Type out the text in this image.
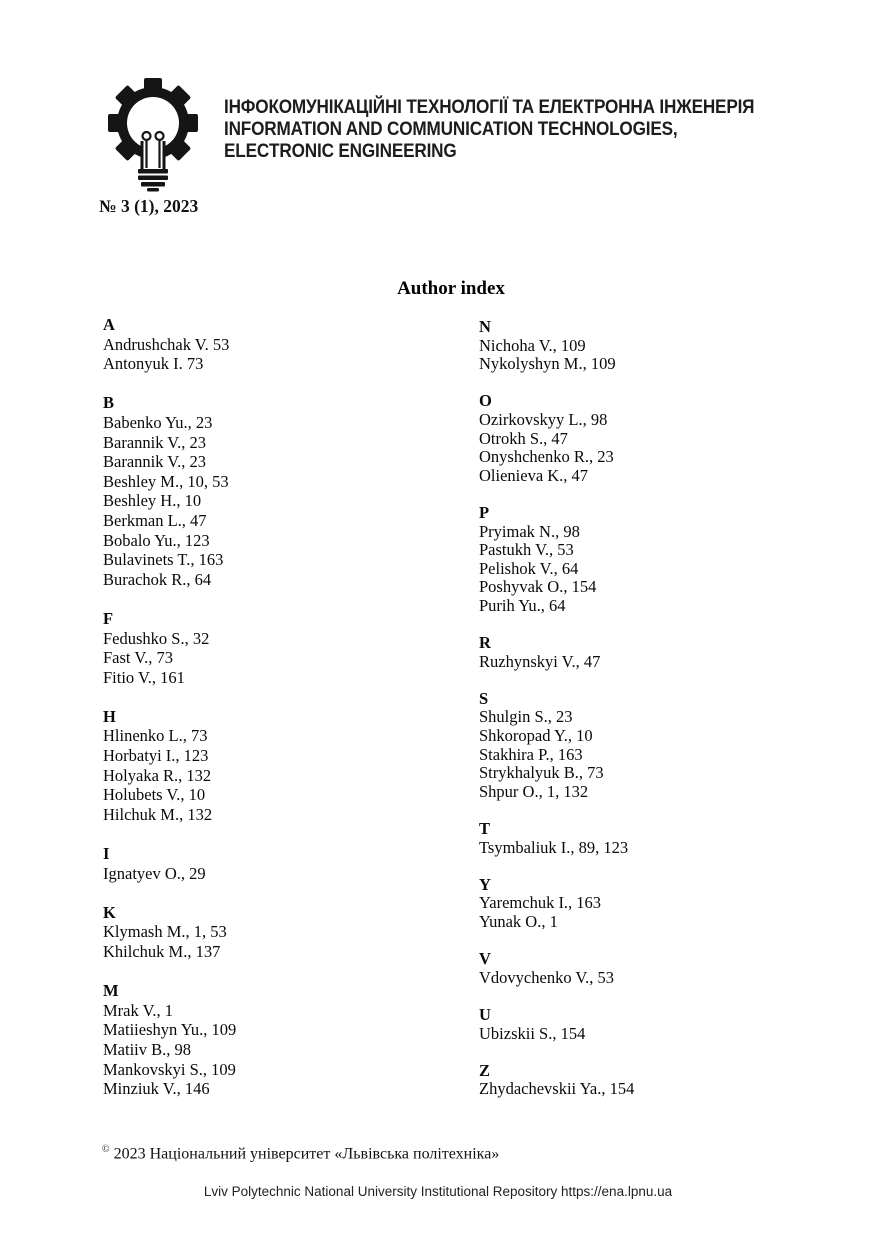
ІНФОКОМУНІКАЦІЙНІ ТЕХНОЛОГІЇ ТА ЕЛЕКТРОННА ІНЖЕНЕРІЯ
INFORMATION AND COMMUNICATION TECHNOLOGIES,
ELECTRONIC ENGINEERING
№ 3 (1), 2023
Author index
A
Andrushchak V. 53
Antonyuk I. 73
B
Babenko Yu., 23
Barannik V., 23
Barannik V., 23
Beshley M., 10, 53
Beshley H., 10
Berkman L., 47
Bobalo Yu., 123
Bulavinets T., 163
Burachok R., 64
F
Fedushko S., 32
Fast V., 73
Fitio V., 161
H
Hlinenko L., 73
Horbatyi I., 123
Holyaka R., 132
Holubets V., 10
Hilchuk M., 132
I
Ignatyev O., 29
K
Klymash M., 1, 53
Khilchuk M., 137
M
Mrak V., 1
Matiieshyn Yu., 109
Matiiv B., 98
Mankovskyi S., 109
Minziuk V., 146
N
Nichoha V., 109
Nykolyshyn M., 109
O
Ozirkovskyy L., 98
Otrokh S., 47
Onyshchenko R., 23
Olienieva K., 47
P
Pryimak N., 98
Pastukh V., 53
Pelishok V., 64
Poshyvak O., 154
Purih Yu., 64
R
Ruzhynskyi V., 47
S
Shulgin S., 23
Shkoropad Y., 10
Stakhira P., 163
Strykhalyuk B., 73
Shpur O., 1, 132
T
Tsymbaliuk I., 89, 123
Y
Yaremchuk I., 163
Yunak O., 1
V
Vdovychenko V., 53
U
Ubizskii S., 154
Z
Zhydachevskii Ya., 154
© 2023 Національний університет «Львівська політехніка»
Lviv Polytechnic National University Institutional Repository https://ena.lpnu.ua
